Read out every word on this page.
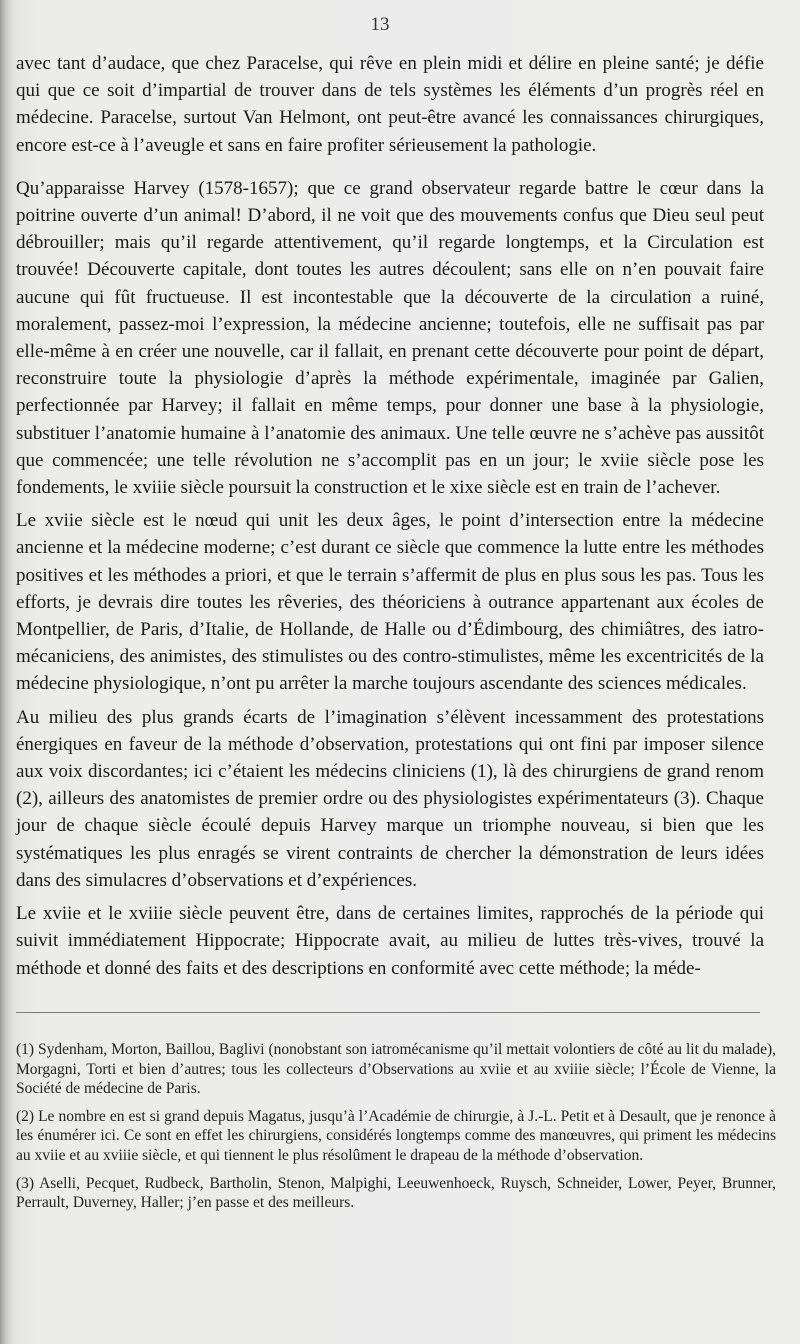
13

avec tant d’audace, que chez Paracelse, qui rêve en plein midi et délire en pleine santé; je défie qui que ce soit d’impartial de trouver dans de tels systèmes les éléments d’un progrès réel en médecine. Paracelse, surtout Van Helmont, ont peut-être avancé les connaissances chirurgiques, encore est-ce à l’aveugle et sans en faire profiter sérieusement la pathologie.

Qu’apparaisse Harvey (1578-1657); que ce grand observateur regarde battre le cœur dans la poitrine ouverte d’un animal! D’abord, il ne voit que des mouvements confus que Dieu seul peut débrouiller; mais qu’il regarde attentivement, qu’il regarde longtemps, et la Circulation est trouvée! Découverte capitale, dont toutes les autres découlent; sans elle on n’en pouvait faire aucune qui fût fructueuse. Il est incontestable que la découverte de la circulation a ruiné, moralement, passez-moi l’expression, la médecine ancienne; toutefois, elle ne suffisait pas par elle-même à en créer une nouvelle, car il fallait, en prenant cette découverte pour point de départ, reconstruire toute la physiologie d’après la méthode expérimentale, imaginée par Galien, perfectionnée par Harvey; il fallait en même temps, pour donner une base à la physiologie, substituer l’anatomie humaine à l’anatomie des animaux. Une telle œuvre ne s’achève pas aussitôt que commencée; une telle révolution ne s’accomplit pas en un jour; le xviie siècle pose les fondements, le xviiie siècle poursuit la construction et le xixe siècle est en train de l’achever.

Le xviie siècle est le nœud qui unit les deux âges, le point d’intersection entre la médecine ancienne et la médecine moderne; c’est durant ce siècle que commence la lutte entre les méthodes positives et les méthodes a priori, et que le terrain s’affermit de plus en plus sous les pas. Tous les efforts, je devrais dire toutes les rêveries, des théoriciens à outrance appartenant aux écoles de Montpellier, de Paris, d’Italie, de Hollande, de Halle ou d’Édimbourg, des chimiâtres, des iatro-mécaniciens, des animistes, des stimulistes ou des contro-stimulistes, même les excentricités de la médecine physiologique, n’ont pu arrêter la marche toujours ascendante des sciences médicales.

Au milieu des plus grands écarts de l’imagination s’élèvent incessamment des protestations énergiques en faveur de la méthode d’observation, protestations qui ont fini par imposer silence aux voix discordantes; ici c’étaient les médecins cliniciens (1), là des chirurgiens de grand renom (2), ailleurs des anatomistes de premier ordre ou des physiologistes expérimentateurs (3). Chaque jour de chaque siècle écoulé depuis Harvey marque un triomphe nouveau, si bien que les systématiques les plus enragés se virent contraints de chercher la démonstration de leurs idées dans des simulacres d’observations et d’expériences.

Le xviie et le xviiie siècle peuvent être, dans de certaines limites, rapprochés de la période qui suivit immédiatement Hippocrate; Hippocrate avait, au milieu de luttes très-vives, trouvé la méthode et donné des faits et des descriptions en conformité avec cette méthode; la méde-

(1) Sydenham, Morton, Baillou, Baglivi (nonobstant son iatromécanisme qu’il mettait volontiers de côté au lit du malade), Morgagni, Torti et bien d’autres; tous les collecteurs d’Observations au xviie et au xviiie siècle; l’École de Vienne, la Société de médecine de Paris.

(2) Le nombre en est si grand depuis Magatus, jusqu’à l’Académie de chirurgie, à J.-L. Petit et à Desault, que je renonce à les énumérer ici. Ce sont en effet les chirurgiens, considérés longtemps comme des manœuvres, qui priment les médecins au xviie et au xviiie siècle, et qui tiennent le plus résolûment le drapeau de la méthode d’observation.

(3) Aselli, Pecquet, Rudbeck, Bartholin, Stenon, Malpighi, Leeuwenhoeck, Ruysch, Schneider, Lower, Peyer, Brunner, Perrault, Duverney, Haller; j’en passe et des meilleurs.
